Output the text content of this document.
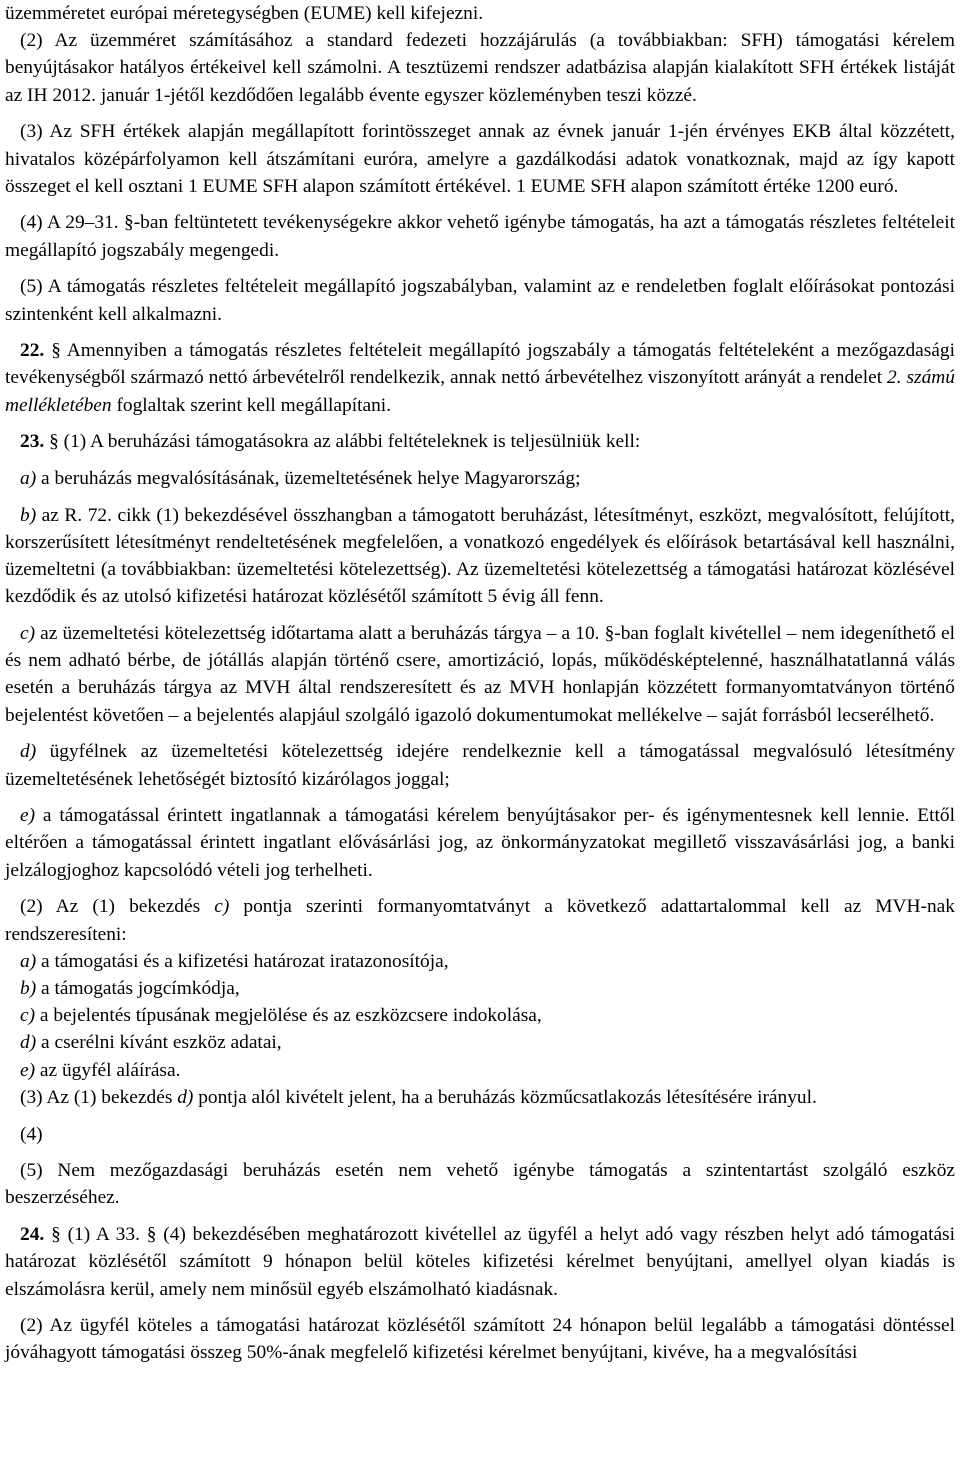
üzemméretet európai méretegységben (EUME) kell kifejezni.

(2) Az üzemméret számításához a standard fedezeti hozzájárulás (a továbbiakban: SFH) támogatási kérelem benyújtásakor hatályos értékeivel kell számolni. A tesztüzemi rendszer adatbázisa alapján kialakított SFH értékek listáját az IH 2012. január 1-jétől kezdődően legalább évente egyszer közleményben teszi közzé.

(3) Az SFH értékek alapján megállapított forintösszeget annak az évnek január 1-jén érvényes EKB által közzétett, hivatalos középárfolyamon kell átszámítani euróra, amelyre a gazdálkodási adatok vonatkoznak, majd az így kapott összeget el kell osztani 1 EUME SFH alapon számított értékével. 1 EUME SFH alapon számított értéke 1200 euró.

(4) A 29–31. §-ban feltüntetett tevékenységekre akkor vehető igénybe támogatás, ha azt a támogatás részletes feltételeit megállapító jogszabály megengedi.

(5) A támogatás részletes feltételeit megállapító jogszabályban, valamint az e rendeletben foglalt előírásokat pontozási szintenként kell alkalmazni.

22. § Amennyiben a támogatás részletes feltételeit megállapító jogszabály a támogatás feltételeként a mezőgazdasági tevékenységből származó nettó árbevételről rendelkezik, annak nettó árbevételhez viszonyított arányát a rendelet 2. számú mellékletében foglaltak szerint kell megállapítani.

23. § (1) A beruházási támogatásokra az alábbi feltételeknek is teljesülniük kell:

a) a beruházás megvalósításának, üzemeltetésének helye Magyarország;

b) az R. 72. cikk (1) bekezdésével összhangban a támogatott beruházást, létesítményt, eszközt, megvalósított, felújított, korszerűsített létesítményt rendeltetésének megfelelően, a vonatkozó engedélyek és előírások betartásával kell használni, üzemeltetni (a továbbiakban: üzemeltetési kötelezettség). Az üzemeltetési kötelezettség a támogatási határozat közlésével kezdődik és az utolsó kifizetési határozat közlésétől számított 5 évig áll fenn.

c) az üzemeltetési kötelezettség időtartama alatt a beruházás tárgya – a 10. §-ban foglalt kivétellel – nem idegeníthető el és nem adható bérbe, de jótállás alapján történő csere, amortizáció, lopás, működésképtelenné, használhatatlanná válás esetén a beruházás tárgya az MVH által rendszeresített és az MVH honlapján közzétett formanyomtatványon történő bejelentést követően – a bejelentés alapjául szolgáló igazoló dokumentumokat mellékelve – saját forrásból lecserélhető.

d) ügyfélnek az üzemeltetési kötelezettség idejére rendelkeznie kell a támogatással megvalósuló létesítmény üzemeltetésének lehetőségét biztosító kizárólagos joggal;

e) a támogatással érintett ingatlannak a támogatási kérelem benyújtásakor per- és igénymentesnek kell lennie. Ettől eltérően a támogatással érintett ingatlant elővásárlási jog, az önkormányzatokat megillető visszavásárlási jog, a banki jelzálogjoghoz kapcsolódó vételi jog terhelheti.

(2) Az (1) bekezdés c) pontja szerinti formanyomtatványt a következő adattartalommal kell az MVH-nak rendszeresíteni:

a) a támogatási és a kifizetési határozat iratazonosítója,

b) a támogatás jogcímkódja,

c) a bejelentés típusának megjelölése és az eszközcsere indokolása,

d) a cserélni kívánt eszköz adatai,

e) az ügyfél aláírása.

(3) Az (1) bekezdés d) pontja alól kivételt jelent, ha a beruházás közműcsatlakozás létesítésére irányul.

(4)

(5) Nem mezőgazdasági beruházás esetén nem vehető igénybe támogatás a szintentartást szolgáló eszköz beszerzéséhez.

24. § (1) A 33. § (4) bekezdésében meghatározott kivétellel az ügyfél a helyt adó vagy részben helyt adó támogatási határozat közlésétől számított 9 hónapon belül köteles kifizetési kérelmet benyújtani, amellyel olyan kiadás is elszámolásra kerül, amely nem minősül egyéb elszámolható kiadásnak.

(2) Az ügyfél köteles a támogatási határozat közlésétől számított 24 hónapon belül legalább a támogatási döntéssel jóváhagyott támogatási összeg 50%-ának megfelelő kifizetési kérelmet benyújtani, kivéve, ha a megvalósítási
